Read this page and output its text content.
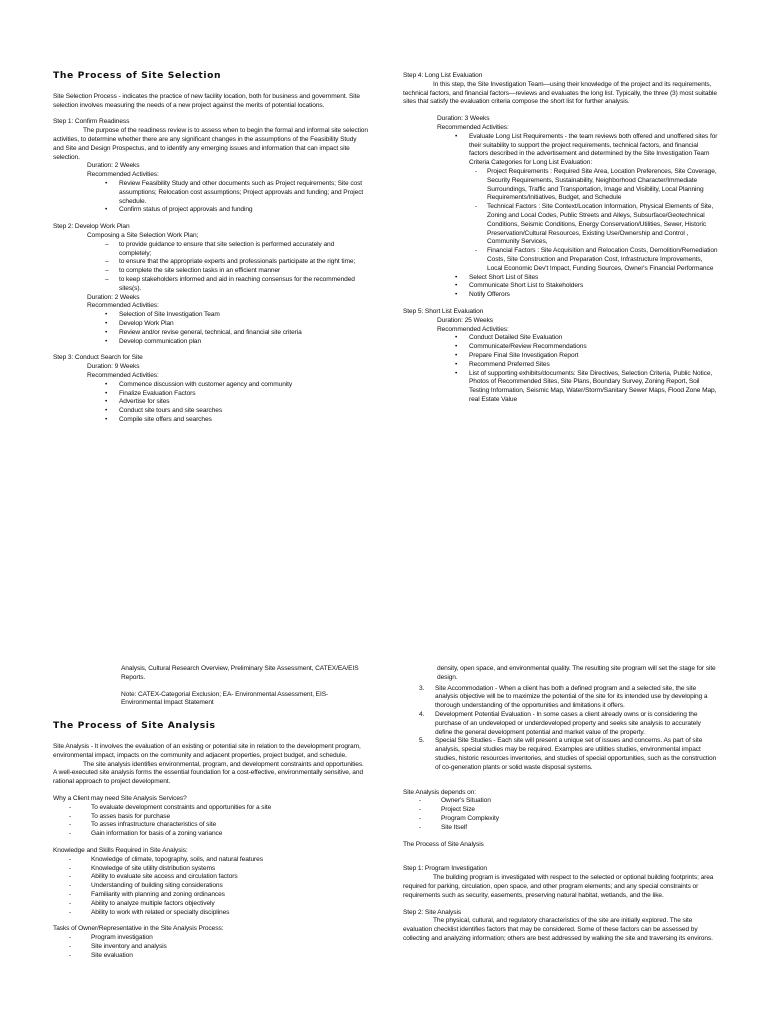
The Process of Site Selection

Site Selection Process - indicates the practice of new facility location, both for business and government. Site selection involves measuring the needs of a new project against the merits of potential locations.

Step 1: Confirm Readiness
The purpose of the readiness review is to assess when to begin the formal and informal site selection activities, to determine whether there are any significant changes in the assumptions of the Feasibility Study and Site and Design Prospectus, and to identify any emerging issues and information that can impact site selection.
Duration: 2 Weeks
Recommended Activities:
• Review Feasibility Study and other documents such as Project requirements; Site cost assumptions; Relocation cost assumptions; Project approvals and funding; and Project schedule.
• Confirm status of project approvals and funding
Step 2: Develop Work Plan
Composing a Site Selection Work Plan;
– to provide guidance to ensure that site selection is performed accurately and completely;
– to ensure that the appropriate experts and professionals participate at the right time;
– to complete the site selection tasks in an efficient manner
– to keep stakeholders informed and aid in reaching consensus for the recommended sites(s).
Duration: 2 Weeks
Recommended Activities:
• Selection of Site Investigation Team
• Develop Work Plan
• Review and/or revise general, technical, and financial site criteria
• Develop communication plan
Step 3: Conduct Search for Site
Duration: 9 Weeks
Recommended Activities:
• Commence discussion with customer agency and community
• Finalize Evaluation Factors
• Advertise for sites
• Conduct site tours and site searches
• Compile site offers and searches
Step 4: Long List Evaluation

In this step, the Site Investigation Team—using their knowledge of the project and its requirements, technical factors, and financial factors—reviews and evaluates the long list. Typically, the three (3) most suitable sites that satisfy the evaluation criteria compose the short list for further analysis.

Duration: 3 Weeks
Recommended Activities:
• Evaluate Long List Requirements - the team reviews both offered and unoffered sites for their suitability to support the project requirements, technical factors, and financial factors described in the advertisement and determined by the Site Investigation Team
Criteria Categories for Long List Evaluation:
- Project Requirements : Required Site Area, Location Preferences, Site Coverage, Security Requirements, Sustainability, Neighborhood Character/Immediate Surroundings, Traffic and Transportation, Image and Visibility, Local Planning Requirements/Initiatives, Budget, and Schedule
- Technical Factors : Site Context/Location Information, Physical Elements of Site, Zoning and Local Codes, Public Streets and Alleys, Subsurface/Geotechnical Conditions, Seismic Conditions, Energy Conservation/Utilities, Sewer, Historic Preservation/Cultural Resources, Existing Use/Ownership and Control , Community Services,
- Financial Factors : Site Acquisition and Relocation Costs, Demolition/Remediation Costs, Site Construction and Preparation Cost, Infrastructure Improvements, Local Economic Dev't Impact, Funding Sources, Owner's Financial Performance
• Select Short List of Sites
• Communicate Short List to Stakeholders
• Notify Offerors
Step 5: Short List Evaluation
Duration: 25 Weeks
Recommended Activities:
• Conduct Detailed Site Evaluation
• Communicate/Review Recommendations
• Prepare Final Site Investigation Report
• Recommend Preferred Sites
• List of supporting exhibits/documents: Site Directives, Selection Criteria, Public Notice, Photos of Recommended Sites, Site Plans, Boundary Survey, Zoning Report, Soil Testing Information, Seismic Map, Water/Storm/Sanitary Sewer Maps, Flood Zone Map, real Estate Value

Analysis, Cultural Research Overview, Preliminary Site Assessment, CATEX/EA/EIS Reports.

Note: CATEX-Categorial Exclusion; EA- Environmental Assessment, EIS-Environmental Impact Statement

The Process of Site Analysis
Site Analysis - It involves the evaluation of an existing or potential site in relation to the development program, environmental impact, impacts on the community and adjacent properties, project budget, and schedule.

The site analysis identifies environmental, program, and development constraints and opportunities. A well-executed site analysis forms the essential foundation for a cost-effective, environmentally sensitive, and rational approach to project development.

Why a Client may need Site Analysis Services?
- To evaluate development constraints and opportunities for a site
- To asses basis for purchase
- To asses infrastructure characteristics of site
- Gain information for basis of a zoning variance
Knowledge and Skills Required in Site Analysis:
- Knowledge of climate, topography, soils, and natural features
- Knowledge of site utility distribution systems
- Ability to evaluate site access and circulation factors
- Understanding of building siting considerations
- Familiarity with planning and zoning ordinances
- Ability to analyze multiple factors objectively
- Ability to work with related or specialty disciplines
Tasks of Owner/Representative in the Site Analysis Process:
- Program investigation
- Site inventory and analysis
- Site evaluation

density, open space, and environmental quality. The resulting site program will set the stage for site design.

3. Site Accommodation - When a client has both a defined program and a selected site, the site analysis objective will be to maximize the potential of the site for its intended use by developing a thorough understanding of the opportunities and limitations it offers.
4. Development Potential Evaluation - In some cases a client already owns or is considering the purchase of an undeveloped or underdeveloped property and seeks site analysis to accurately define the general development potential and market value of the property.
5. Special Site Studies - Each site will present a unique set of issues and concerns. As part of site analysis, special studies may be required. Examples are utilities studies, environmental impact studies, historic resources inventories, and studies of special opportunities, such as the construction of co-generation plants or solid waste disposal systems.
Site Analysis depends on:
- Owner's Situation
- Project Size
- Program Complexity
- Site Itself

The Process of Site Analysis

Step 1: Program Investigation

The building program is investigated with respect to the selected or optional building footprints; area required for parking, circulation, open space, and other program elements; and any special constraints or requirements such as security, easements, preserving natural habitat, wetlands, and the like.

Step 2: Site Analysis

The physical, cultural, and regulatory characteristics of the site are initially explored. The site evaluation checklist identifies factors that may be considered. Some of these factors can be assessed by collecting and analyzing information; others are best addressed by walking the site and traversing its environs.
